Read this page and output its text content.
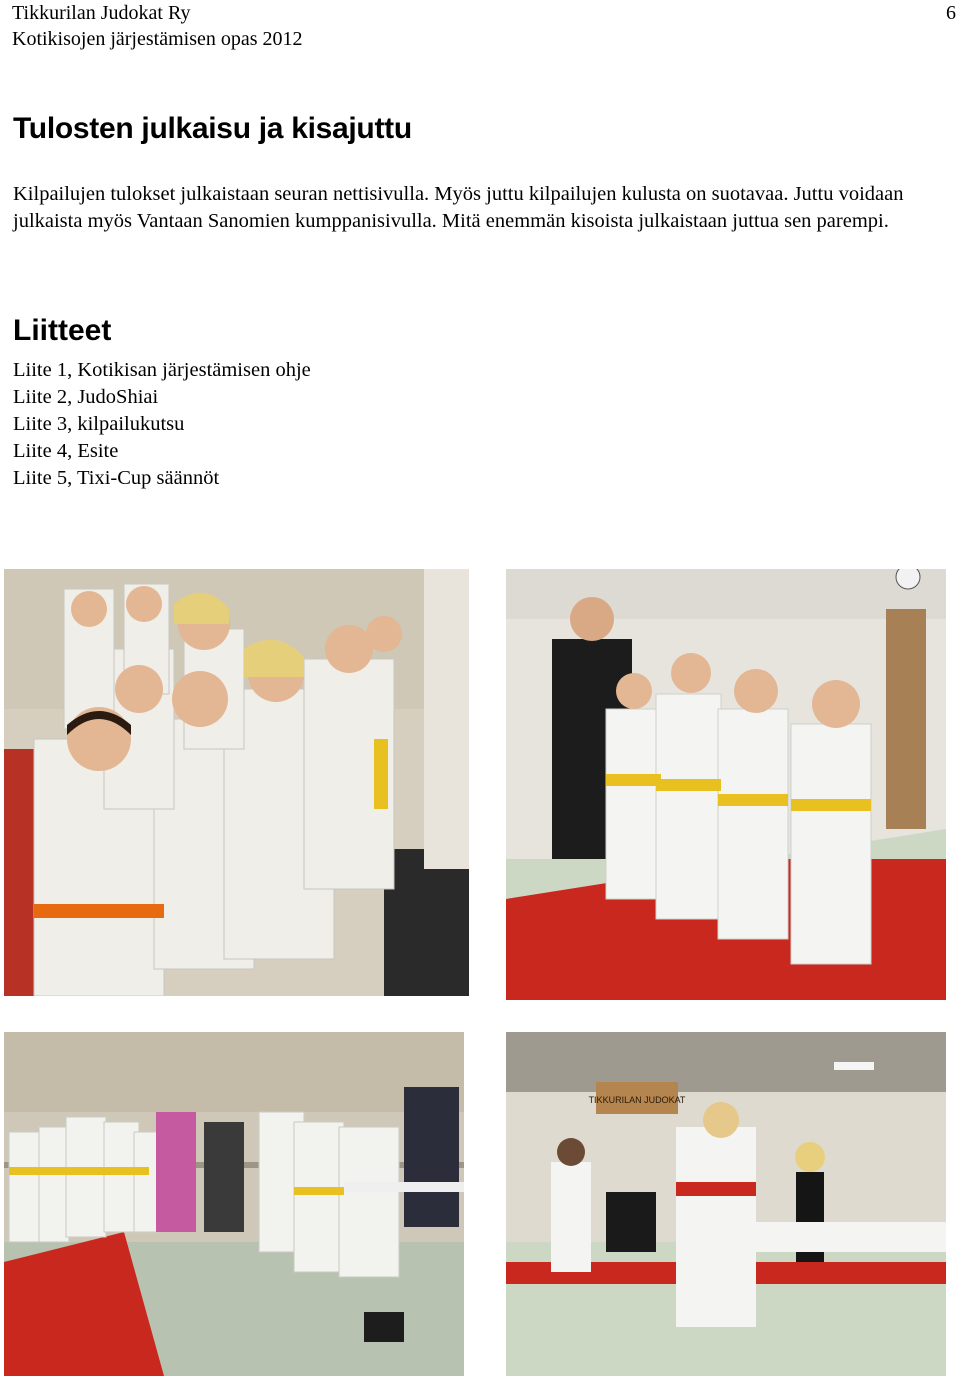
Tikkurilan Judokat Ry
Kotikisojen järjestämisen opas 2012
6
Tulosten julkaisu ja kisajuttu

Kilpailujen tulokset julkaistaan seuran nettisivulla. Myös juttu kilpailujen kulusta on suotavaa. Juttu voidaan julkaista myös Vantaan Sanomien kumppanisivulla. Mitä enemmän kisoista julkaistaan juttua sen parempi.

Liitteet
Liite 1, Kotikisan järjestämisen ohje
Liite 2, JudoShiai
Liite 3, kilpailukutsu
Liite 4, Esite
Liite 5, Tixi-Cup säännöt
TIKKURILAN JUDOKAT
